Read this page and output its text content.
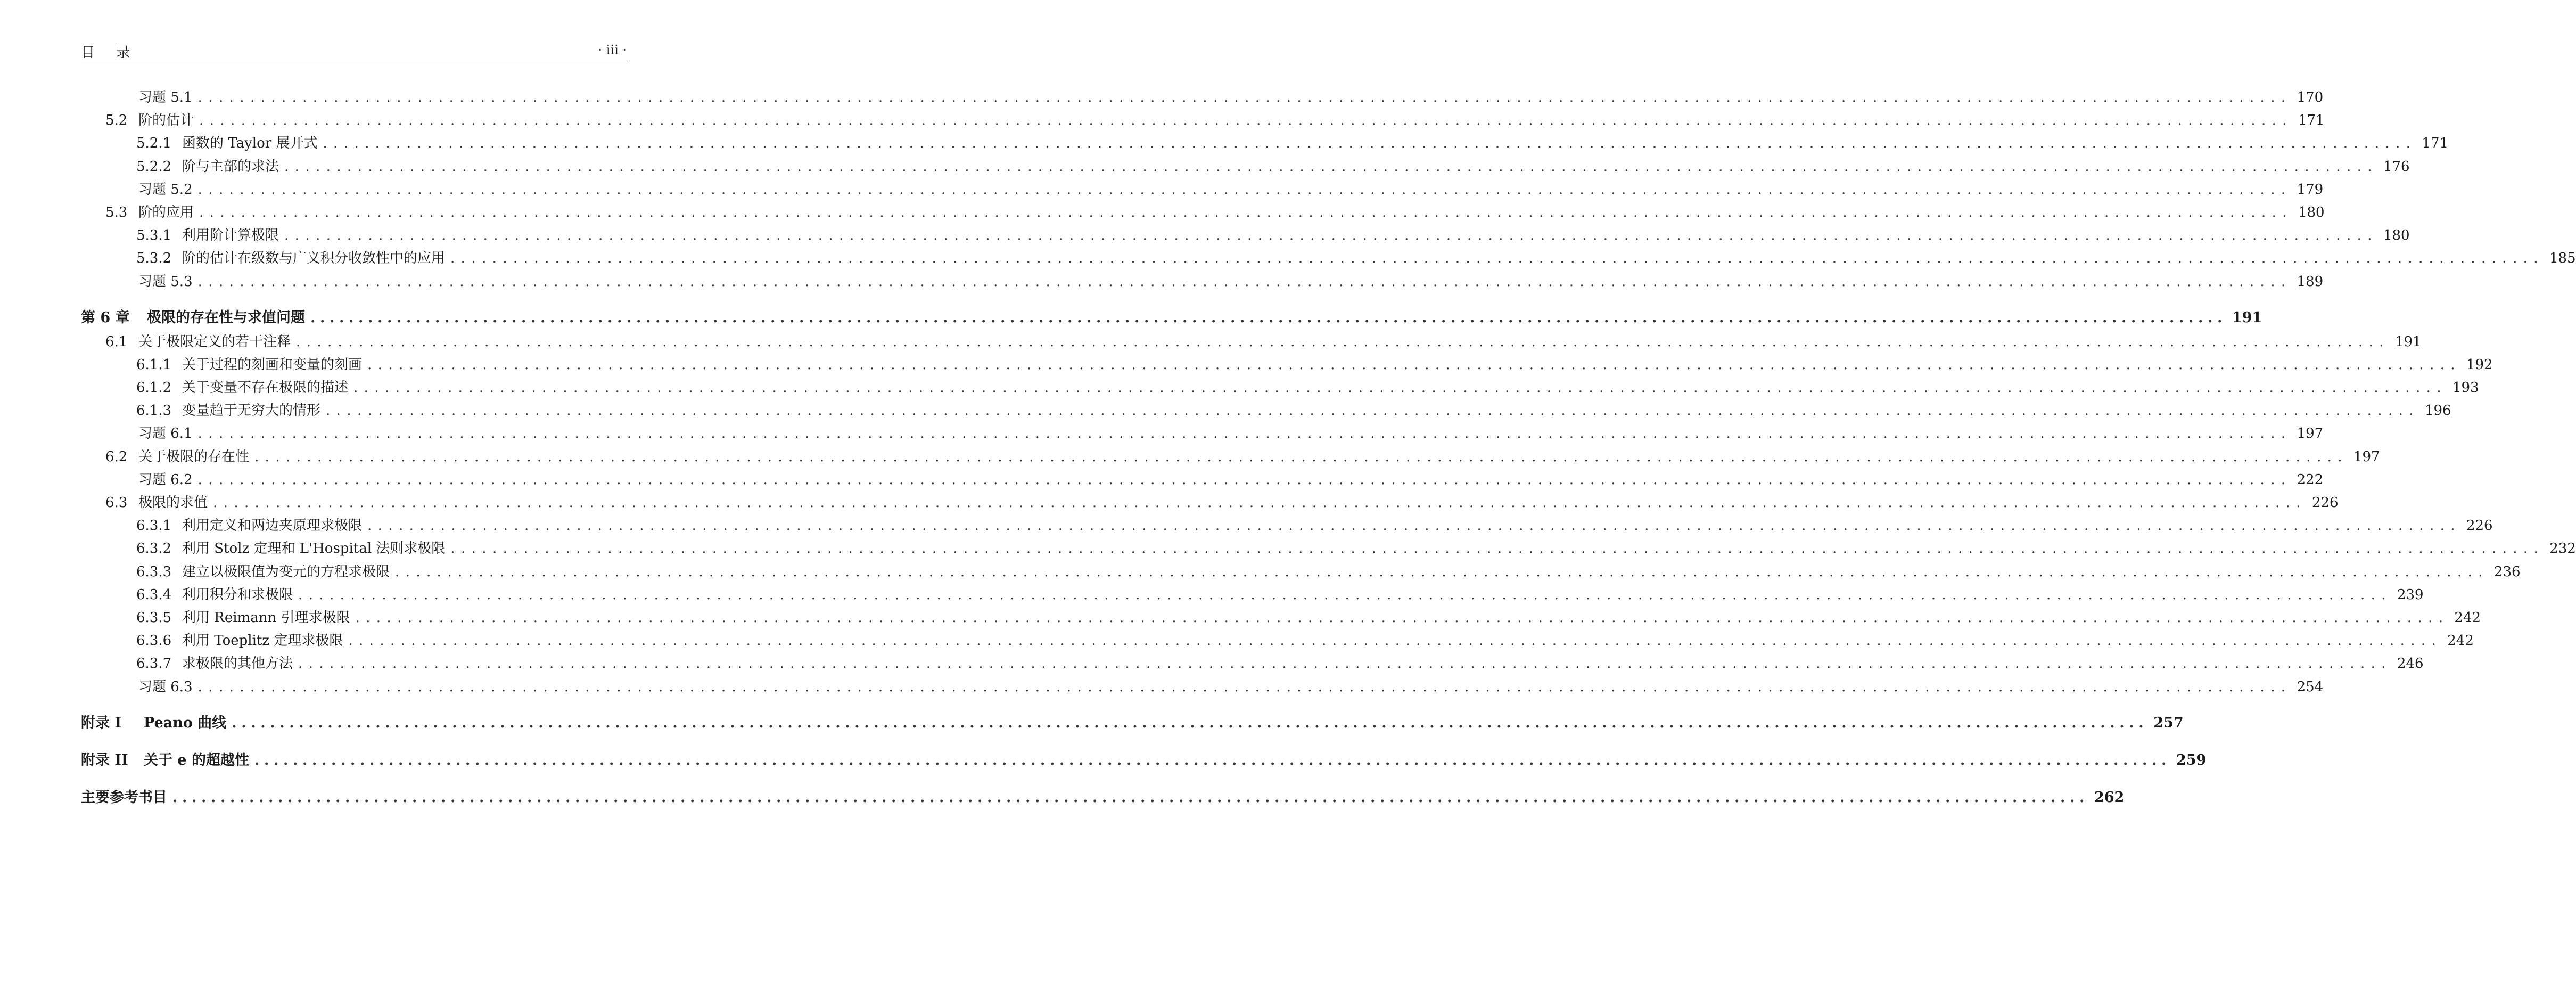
目 录	· iii ·
习题 5.1 ........................................................................................................................................................................................................ 170
5.2 阶的估计 ........................................................................................................................................................................................................ 171
5.2.1 函数的 Taylor 展开式 ........................................................................................................................................................................................................ 171
5.2.2 阶与主部的求法 ........................................................................................................................................................................................................ 176
习题 5.2 ........................................................................................................................................................................................................ 179
5.3 阶的应用 ........................................................................................................................................................................................................ 180
5.3.1 利用阶计算极限 ........................................................................................................................................................................................................ 180
5.3.2 阶的估计在级数与广义积分收敛性中的应用 ........................................................................................................................................................................................................ 185
习题 5.3 ........................................................................................................................................................................................................ 189
第 6 章 极限的存在性与求值问题 ........................................................................................................................................................................................................ 191
6.1 关于极限定义的若干注释 ........................................................................................................................................................................................................ 191
6.1.1 关于过程的刻画和变量的刻画 ........................................................................................................................................................................................................ 192
6.1.2 关于变量不存在极限的描述 ........................................................................................................................................................................................................ 193
6.1.3 变量趋于无穷大的情形 ........................................................................................................................................................................................................ 196
习题 6.1 ........................................................................................................................................................................................................ 197
6.2 关于极限的存在性 ........................................................................................................................................................................................................ 197
习题 6.2 ........................................................................................................................................................................................................ 222
6.3 极限的求值 ........................................................................................................................................................................................................ 226
6.3.1 利用定义和两边夹原理求极限 ........................................................................................................................................................................................................ 226
6.3.2 利用 Stolz 定理和 L'Hospital 法则求极限 ........................................................................................................................................................................................................ 232
6.3.3 建立以极限值为变元的方程求极限 ........................................................................................................................................................................................................ 236
6.3.4 利用积分和求极限 ........................................................................................................................................................................................................ 239
6.3.5 利用 Reimann 引理求极限 ........................................................................................................................................................................................................ 242
6.3.6 利用 Toeplitz 定理求极限 ........................................................................................................................................................................................................ 242
6.3.7 求极限的其他方法 ........................................................................................................................................................................................................ 246
习题 6.3 ........................................................................................................................................................................................................ 254
附录 I Peano 曲线 ........................................................................................................................................................................................................ 257
附录 II 关于 e 的超越性 ........................................................................................................................................................................................................ 259
主要参考书目 ........................................................................................................................................................................................................ 262
